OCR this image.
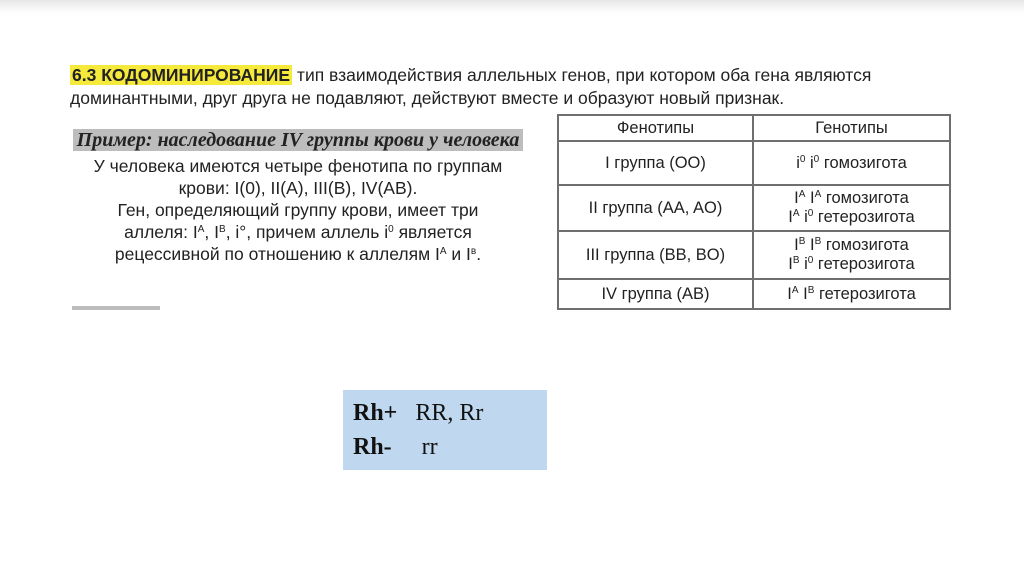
6.3 КОДОМИНИРОВАНИЕ тип взаимодействия аллельных генов, при котором оба гена являются доминантными, друг друга не подавляют, действуют вместе и образуют новый признак.
Пример: наследование IV группы крови у человека

У человека имеются четыре фенотипа по группам

крови: I(0), II(A), III(B), IV(AB).

Ген, определяющий группу крови, имеет три

аллеля: $I^A$, $I^B$, i°, причем аллель $i^0$ является

рецессивной по отношению к аллелям $I^A$ и $I^в$.

Фенотипы	Генотипы
I группа (OO)	$i^0$ $i^0$ гомозигота

II группа (AA, AO)	$I^A$ $I^A$ гомозигота
$I^A$ $i^0$ гетерозигота

III группа (BB, BO)	$I^B$ $I^B$ гомозигота
$I^B$ $i^0$ гетерозигота

IV группа (AB)	$I^A$ $I^B$ гетерозигота
Rh+ RR, Rr
Rh- rr
